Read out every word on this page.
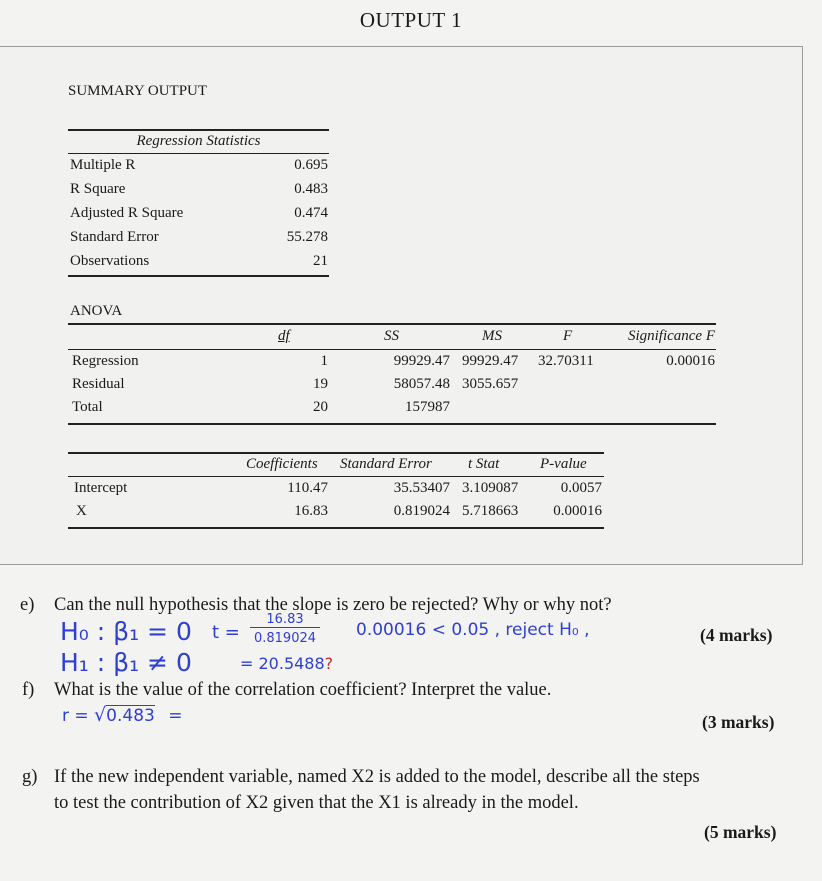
OUTPUT 1
SUMMARY OUTPUT
Regression Statistics
Multiple R	0.695
R Square	0.483
Adjusted R Square	0.474
Standard Error	55.278
Observations	21
ANOVA
df	SS	MS	F	Significance F
Regression	1	99929.47 99929.47 32.70311	0.00016
Residual	19	58057.48 3055.657
Total	20	157987
Coefficients Standard Error t Stat	P-value
Intercept	110.47	35.53407 3.109087	0.0057
X	16.83	0.819024 5.718663	0.00016
e) Can the null hypothesis that the slope is zero be rejected? Why or why not?
(4 marks)
H₀ : β₁ = 0
H₁ : β₁ ≠ 0
t =
16.83
0.819024
= 20.5488?
0.00016 < 0.05 , reject H₀ ,
f) What is the value of the correlation coefficient? Interpret the value.
(3 marks)
r = √0.483 =
g) If the new independent variable, named X2 is added to the model, describe all the steps
to test the contribution of X2 given that the X1 is already in the model.
(5 marks)
